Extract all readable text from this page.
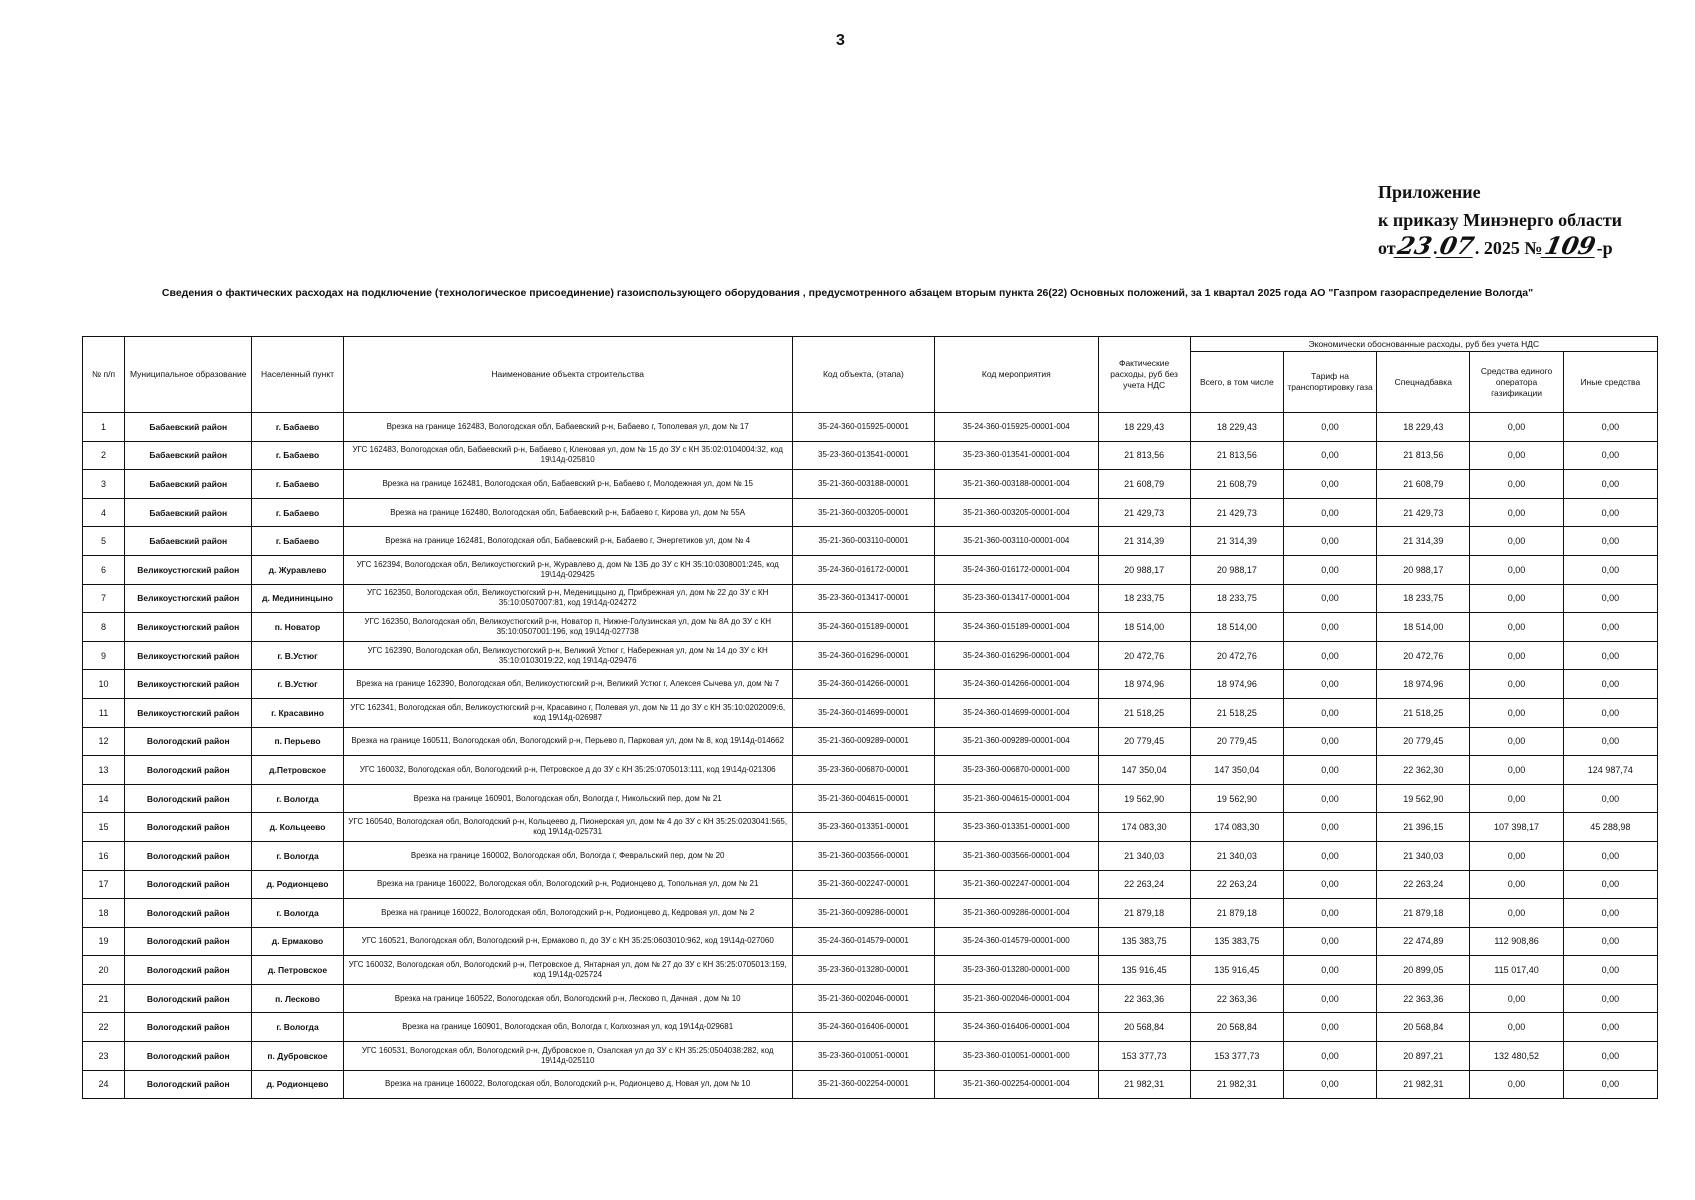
3
Приложение
к приказу Минэнерго области
от 23
. 07
. 2025 № 109
-р
Сведения о фактических расходах на подключение (технологическое присоединение) газоиспользующего оборудования , предусмотренного абзацем вторым пункта 26(22) Основных положений, за 1 квартал 2025 года АО "Газпром газораспределение Вологда"
№ п/п	Муниципальное образование	Населенный пункт	Наименование объекта строительства	Код объекта, (этапа)	Код мероприятия	Фактические расходы, руб без учета НДС	Экономически обоснованные расходы, руб без учета НДС				
							Всего, в том числе	Тариф на транспортировку газа	Спецнадбавка	Средства единого оператора газификации	Иные средства
1	Бабаевский район	г. Бабаево	Врезка на границе 162483, Вологодская обл, Бабаевский р-н, Бабаево г, Тополевая ул, дом № 17	35-24-360-015925-00001	35-24-360-015925-00001-004	18 229,43	18 229,43	0,00	18 229,43	0,00	0,00
2	Бабаевский район	г. Бабаево	УГС 162483, Вологодская обл, Бабаевский р-н, Бабаево г, Кленовая ул, дом № 15 до ЗУ с КН 35:02:0104004:32, код 19\14д-025810	35-23-360-013541-00001	35-23-360-013541-00001-004	21 813,56	21 813,56	0,00	21 813,56	0,00	0,00
3	Бабаевский район	г. Бабаево	Врезка на границе 162481, Вологодская обл, Бабаевский р-н, Бабаево г, Молодежная ул, дом № 15	35-21-360-003188-00001	35-21-360-003188-00001-004	21 608,79	21 608,79	0,00	21 608,79	0,00	0,00
4	Бабаевский район	г. Бабаево	Врезка на границе 162480, Вологодская обл, Бабаевский р-н, Бабаево г, Кирова ул, дом № 55А	35-21-360-003205-00001	35-21-360-003205-00001-004	21 429,73	21 429,73	0,00	21 429,73	0,00	0,00
5	Бабаевский район	г. Бабаево	Врезка на границе 162481, Вологодская обл, Бабаевский р-н, Бабаево г, Энергетиков ул, дом № 4	35-21-360-003110-00001	35-21-360-003110-00001-004	21 314,39	21 314,39	0,00	21 314,39	0,00	0,00
6	Великоустюгский район	д. Журавлево	УГС 162394, Вологодская обл, Великоустюгский р-н, Журавлево д, дом № 13Б до ЗУ с КН 35:10:0308001:245, код 19\14д-029425	35-24-360-016172-00001	35-24-360-016172-00001-004	20 988,17	20 988,17	0,00	20 988,17	0,00	0,00
7	Великоустюгский район	д. Медининцыно	УГС 162350, Вологодская обл, Великоустюгский р-н, Медениццыно д, Прибрежная ул, дом № 22 до ЗУ с КН 35:10:0507007:81, код 19\14д-024272	35-23-360-013417-00001	35-23-360-013417-00001-004	18 233,75	18 233,75	0,00	18 233,75	0,00	0,00
8	Великоустюгский район	п. Новатор	УГС 162350, Вологодская обл, Великоустюгский р-н, Новатор п, Нижне-Голузинская ул, дом № 8А до ЗУ с КН 35:10:0507001:196, код 19\14д-027738	35-24-360-015189-00001	35-24-360-015189-00001-004	18 514,00	18 514,00	0,00	18 514,00	0,00	0,00
9	Великоустюгский район	г. В.Устюг	УГС 162390, Вологодская обл, Великоустюгский р-н, Великий Устюг г, Набережная ул, дом № 14 до ЗУ с КН 35:10:0103019:22, код 19\14д-029476	35-24-360-016296-00001	35-24-360-016296-00001-004	20 472,76	20 472,76	0,00	20 472,76	0,00	0,00
10	Великоустюгский район	г. В.Устюг	Врезка на границе 162390, Вологодская обл, Великоустюгский р-н, Великий Устюг г, Алексея Сычева ул, дом № 7	35-24-360-014266-00001	35-24-360-014266-00001-004	18 974,96	18 974,96	0,00	18 974,96	0,00	0,00
11	Великоустюгский район	г. Красавино	УГС 162341, Вологодская обл, Великоустюгский р-н, Красавино г, Полевая ул, дом № 11 до ЗУ с КН 35:10:0202009:6, код 19\14д-026987	35-24-360-014699-00001	35-24-360-014699-00001-004	21 518,25	21 518,25	0,00	21 518,25	0,00	0,00
12	Вологодский район	п. Перьево	Врезка на границе 160511, Вологодская обл, Вологодский р-н, Перьево п, Парковая ул, дом № 8, код 19\14д-014662	35-21-360-009289-00001	35-21-360-009289-00001-004	20 779,45	20 779,45	0,00	20 779,45	0,00	0,00
13	Вологодский район	д.Петровское	УГС 160032, Вологодская обл, Вологодский р-н, Петровское д до ЗУ с КН 35:25:0705013:111, код 19\14д-021306	35-23-360-006870-00001	35-23-360-006870-00001-000	147 350,04	147 350,04	0,00	22 362,30	0,00	124 987,74
14	Вологодский район	г. Вологда	Врезка на границе 160901, Вологодская обл, Вологда г, Никольский пер, дом № 21	35-21-360-004615-00001	35-21-360-004615-00001-004	19 562,90	19 562,90	0,00	19 562,90	0,00	0,00
15	Вологодский район	д. Кольцеево	УГС 160540, Вологодская обл, Вологодский р-н, Кольцеево д, Пионерская ул, дом № 4 до ЗУ с КН 35:25:0203041:565, код 19\14д-025731	35-23-360-013351-00001	35-23-360-013351-00001-000	174 083,30	174 083,30	0,00	21 396,15	107 398,17	45 288,98
16	Вологодский район	г. Вологда	Врезка на границе 160002, Вологодская обл, Вологда г, Февральский пер, дом № 20	35-21-360-003566-00001	35-21-360-003566-00001-004	21 340,03	21 340,03	0,00	21 340,03	0,00	0,00
17	Вологодский район	д. Родионцево	Врезка на границе 160022, Вологодская обл, Вологодский р-н, Родионцево д, Топольная ул, дом № 21	35-21-360-002247-00001	35-21-360-002247-00001-004	22 263,24	22 263,24	0,00	22 263,24	0,00	0,00
18	Вологодский район	г. Вологда	Врезка на границе 160022, Вологодская обл, Вологодский р-н, Родионцево д, Кедровая ул, дом № 2	35-21-360-009286-00001	35-21-360-009286-00001-004	21 879,18	21 879,18	0,00	21 879,18	0,00	0,00
19	Вологодский район	д. Ермаково	УГС 160521, Вологодская обл, Вологодский р-н, Ермаково п, до ЗУ с КН 35:25:0603010:962, код 19\14д-027060	35-24-360-014579-00001	35-24-360-014579-00001-000	135 383,75	135 383,75	0,00	22 474,89	112 908,86	0,00
20	Вологодский район	д. Петровское	УГС 160032, Вологодская обл, Вологодский р-н, Петровское д, Янтарная ул, дом № 27 до ЗУ с КН 35:25:0705013:159, код 19\14д-025724	35-23-360-013280-00001	35-23-360-013280-00001-000	135 916,45	135 916,45	0,00	20 899,05	115 017,40	0,00
21	Вологодский район	п. Лесково	Врезка на границе 160522, Вологодская обл, Вологодский р-н, Лесково п, Дачная , дом № 10	35-21-360-002046-00001	35-21-360-002046-00001-004	22 363,36	22 363,36	0,00	22 363,36	0,00	0,00
22	Вологодский район	г. Вологда	Врезка на границе 160901, Вологодская обл, Вологда г, Колхозная ул, код 19\14д-029681	35-24-360-016406-00001	35-24-360-016406-00001-004	20 568,84	20 568,84	0,00	20 568,84	0,00	0,00
23	Вологодский район	п. Дубровское	УГС 160531, Вологодская обл, Вологодский р-н, Дубровское п, Озалская ул до ЗУ с КН 35:25:0504038:282, код 19\14д-025110	35-23-360-010051-00001	35-23-360-010051-00001-000	153 377,73	153 377,73	0,00	20 897,21	132 480,52	0,00
24	Вологодский район	д. Родионцево	Врезка на границе 160022, Вологодская обл, Вологодский р-н, Родионцево д, Новая ул, дом № 10	35-21-360-002254-00001	35-21-360-002254-00001-004	21 982,31	21 982,31	0,00	21 982,31	0,00	0,00
